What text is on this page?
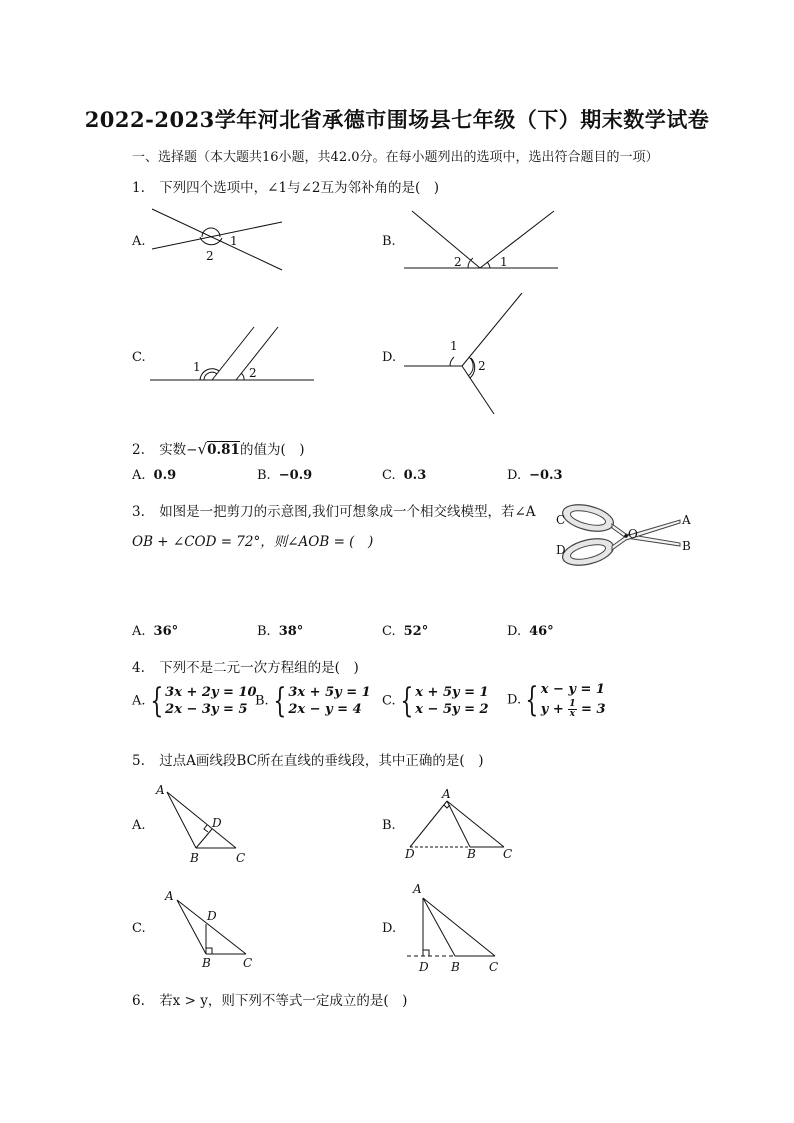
2022-2023学年河北省承德市围场县七年级（下）期末数学试卷
一、选择题（本大题共16小题，共42.0分。在每小题列出的选项中，选出符合题目的一项）
1. 下列四个选项中，∠1与∠2互为邻补角的是(　)
A.	1
2
B.
2	1
C.
1	2
D.
1
2
2. 实数−√0.81的值为(　)
A. 0.9	B. −0.9	C. 0.3	D. −0.3
3. 如图是一把剪刀的示意图,我们可想象成一个相交线模型，若∠A
OB + ∠COD = 72°，则∠AOB = (　)
C
D
O
A
B
A. 36°	B. 38°	C. 52°	D. 46°
4. 下列不是二元一次方程组的是(　)
A. { 3x + 2y = 10
2x − 3y = 5
B. { 3x + 5y = 1
2x − y = 4
C. { x + 5y = 1
x − 5y = 2
D. { x − y = 1
$y + \frac{1}{x} = 3$
5. 过点A画线段BC所在直线的垂线段，其中正确的是(　)
A.
A
D
B	C
B.
A
D	B C
C.
A
D
B	C
D.
A
D B C
6. 若x > y，则下列不等式一定成立的是(　)
